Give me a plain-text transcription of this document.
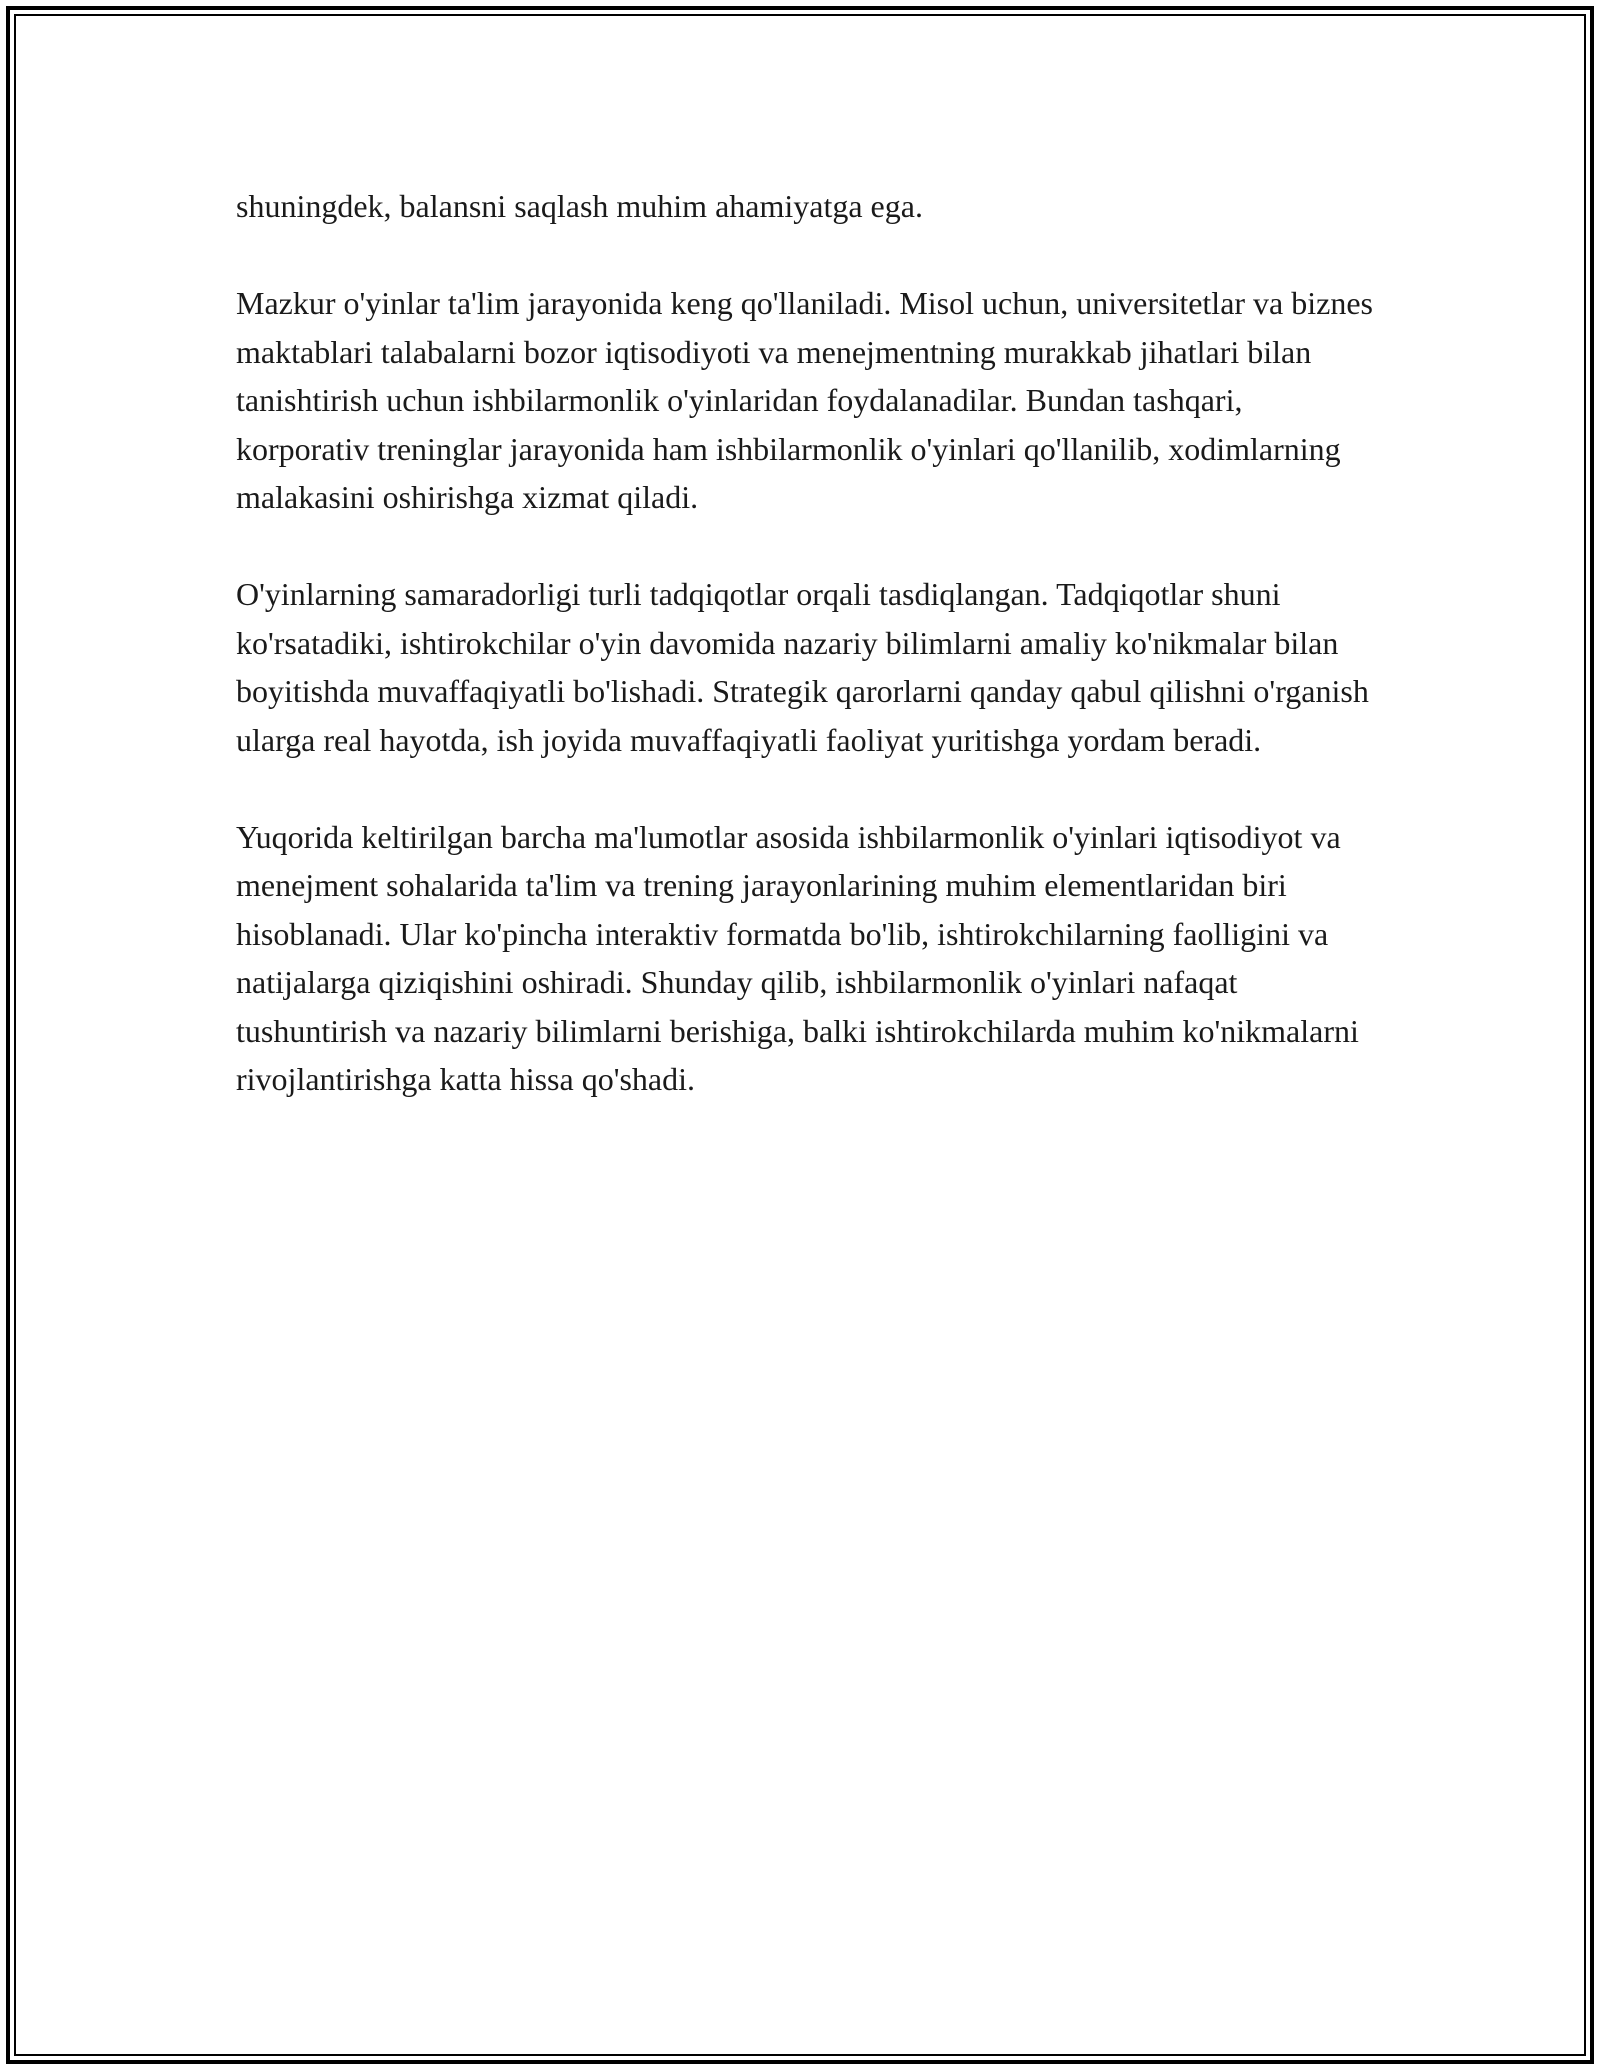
shuningdek, balansni saqlash muhim ahamiyatga ega.

Mazkur o'yinlar ta'lim jarayonida keng qo'llaniladi. Misol uchun, universitetlar va biznes maktablari talabalarni bozor iqtisodiyoti va menejmentning murakkab jihatlari bilan tanishtirish uchun ishbilarmonlik o'yinlaridan foydalanadilar. Bundan tashqari, korporativ treninglar jarayonida ham ishbilarmonlik o'yinlari qo'llanilib, xodimlarning malakasini oshirishga xizmat qiladi.

O'yinlarning samaradorligi turli tadqiqotlar orqali tasdiqlangan. Tadqiqotlar shuni ko'rsatadiki, ishtirokchilar o'yin davomida nazariy bilimlarni amaliy ko'nikmalar bilan boyitishda muvaffaqiyatli bo'lishadi. Strategik qarorlarni qanday qabul qilishni o'rganish ularga real hayotda, ish joyida muvaffaqiyatli faoliyat yuritishga yordam beradi.

Yuqorida keltirilgan barcha ma'lumotlar asosida ishbilarmonlik o'yinlari iqtisodiyot va menejment sohalarida ta'lim va trening jarayonlarining muhim elementlaridan biri hisoblanadi. Ular ko'pincha interaktiv formatda bo'lib, ishtirokchilarning faolligini va natijalarga qiziqishini oshiradi. Shunday qilib, ishbilarmonlik o'yinlari nafaqat tushuntirish va nazariy bilimlarni berishiga, balki ishtirokchilarda muhim ko'nikmalarni rivojlantirishga katta hissa qo'shadi.
